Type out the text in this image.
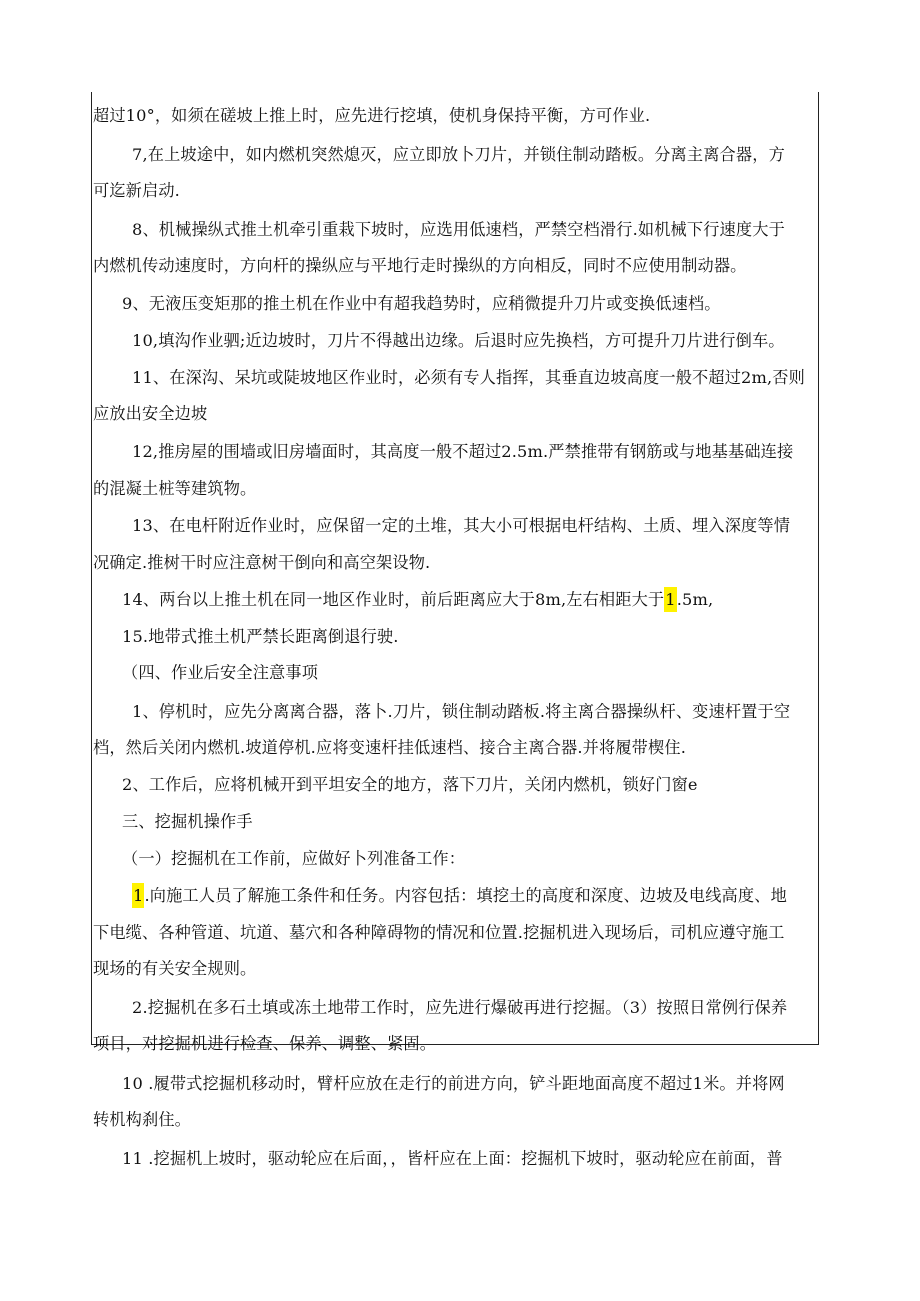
超过10°，如须在磋坡上推上时，应先进行挖填，使机身保持平衡，方可作业.
7,在上坡途中，如内燃机突然熄灭，应立即放卜刀片，并锁住制动踏板。分离主离合器，方
可迄新启动.
8、机械操纵式推土机牵引重栽下坡时，应选用低速档，严禁空档滑行.如机械下行速度大于
内燃机传动速度时，方向杆的操纵应与平地行走时操纵的方向相反，同时不应使用制动器。
9、无液压变矩那的推土机在作业中有超我趋势时，应稍微提升刀片或变换低速档。
10,填沟作业驷;近边坡时，刀片不得越出边缘。后退时应先换档，方可提升刀片进行倒车。
11、在深沟、呆坑或陡坡地区作业时，必须有专人指挥，其垂直边坡高度一般不超过2m,否则
应放出安全边坡
12,推房屋的围墙或旧房墙面时，其高度一般不超过2.5m.严禁推带有钢筋或与地基基础连接
的混凝土桩等建筑物。
13、在电杆附近作业时，应保留一定的土堆，其大小可根据电杆结构、土质、埋入深度等情
况确定.推树干时应注意树干倒向和高空架设物.
14、两台以上推土机在同一地区作业时，前后距离应大于8m,左右相距大于1.5m,
15.地带式推土机严禁长距离倒退行驶.
（四、作业后安全注意事项
1、停机时，应先分离离合器，落卜.刀片，锁住制动踏板.将主离合器操纵杆、变速杆置于空
档，然后关闭内燃机.坡道停机.应将变速杆挂低速档、接合主离合器.并将履带楔住.
2、工作后，应将机械开到平坦安全的地方，落下刀片，关闭内燃机，锁好门窗e
三、挖掘机操作手
（一）挖掘机在工作前，应做好卜列准备工作：
1.向施工人员了解施工条件和任务。内容包括：填挖土的高度和深度、边坡及电线高度、地
下电缆、各种管道、坑道、墓穴和各种障碍物的情况和位置.挖掘机进入现场后，司机应遵守施工
现场的有关安全规则。
2.挖掘机在多石土填或冻土地带工作时，应先进行爆破再进行挖掘。（3）按照日常例行保养
项目，对挖掘机进行检查、保养、调整、紧固。
10 .履带式挖掘机移动时，臂杆应放在走行的前进方向，铲斗距地面高度不超过1米。并将网
转机构刹住。
11 .挖掘机上坡时，驱动轮应在后面，，皆杆应在上面：挖掘机下坡时，驱动轮应在前面，普
